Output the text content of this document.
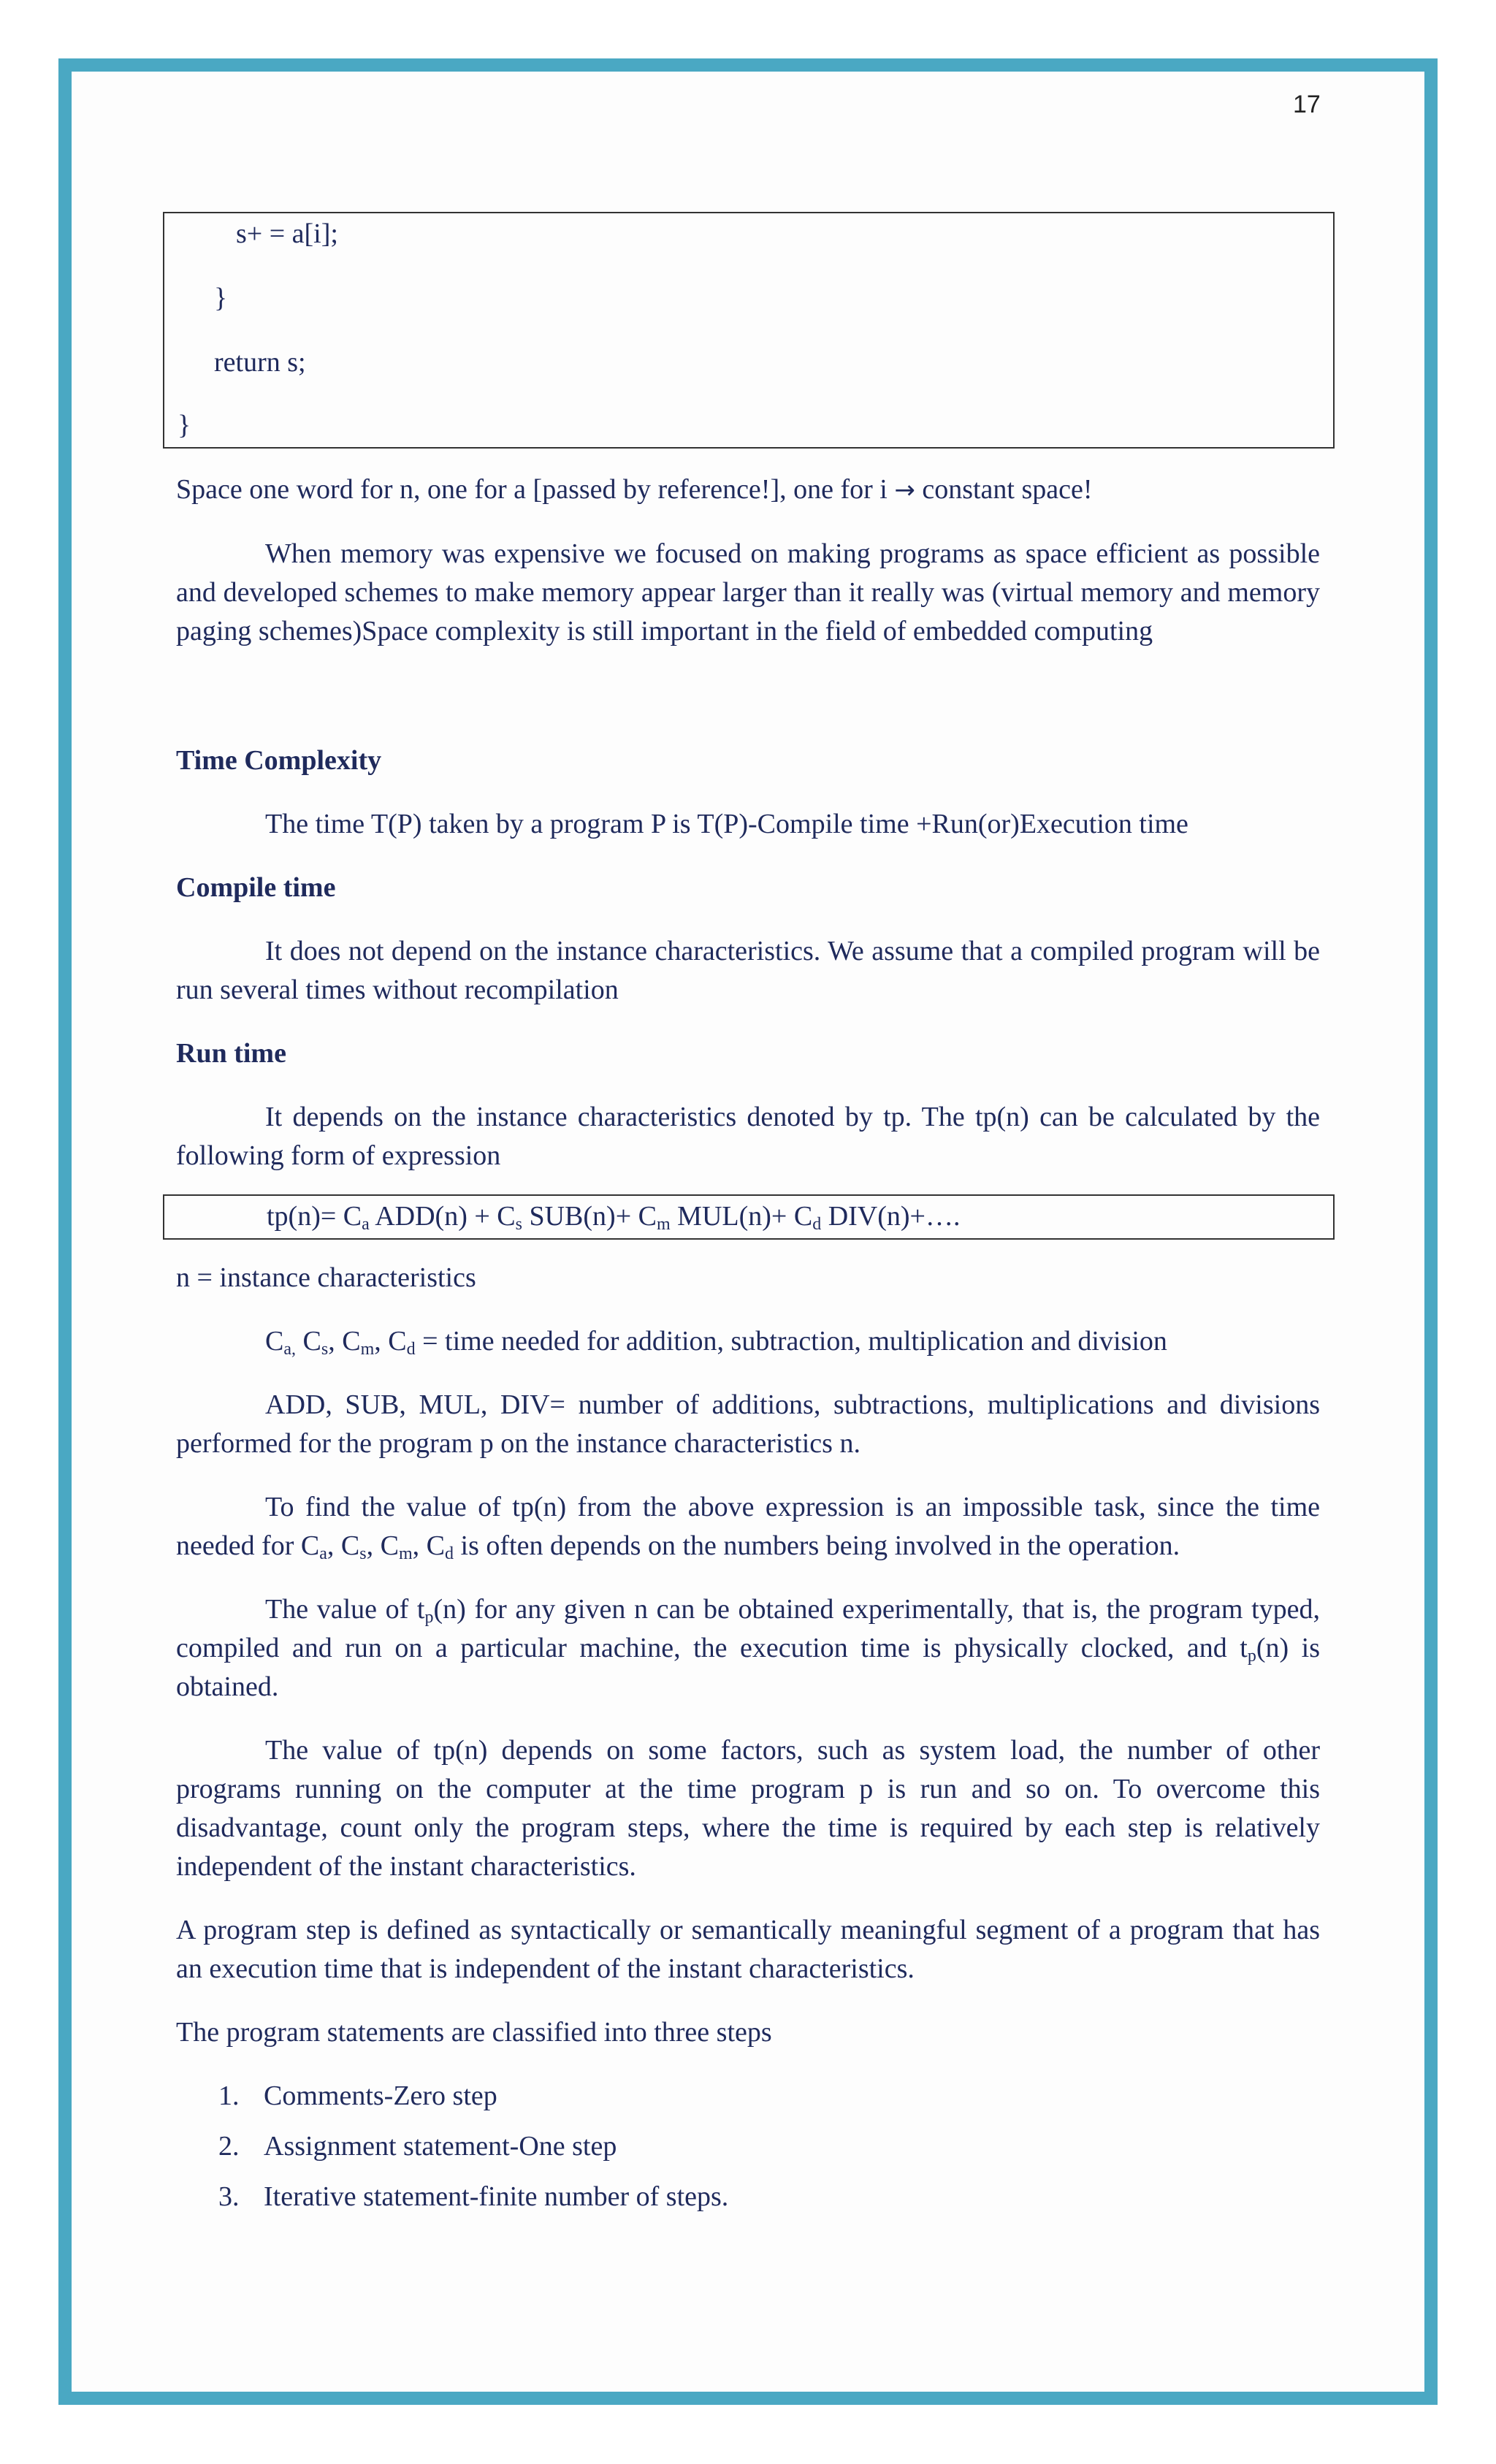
17
s+ = a[i];
}
return s;
}

Space one word for n, one for a [passed by reference!], one for i → constant space!

When memory was expensive we focused on making programs as space efficient as possible and developed schemes to make memory appear larger than it really was (virtual memory and memory paging schemes)Space complexity is still important in the field of embedded computing

Time Complexity

The time T(P) taken by a program P is T(P)-Compile time +Run(or)Execution time

Compile time

It does not depend on the instance characteristics. We assume that a compiled program will be run several times without recompilation

Run time

It depends on the instance characteristics denoted by tp. The tp(n) can be calculated by the following form of expression

$tp(n)= C_a$ $ADD(n) + C_s$ $SUB(n)+ C_m$ $MUL(n)+ C_d$ DIV(n)+….

n = instance characteristics

$C_{a,}$ $C_s$, $C_m$, $C_d$ = time needed for addition, subtraction, multiplication and division

ADD, SUB, MUL, DIV= number of additions, subtractions, multiplications and divisions performed for the program p on the instance characteristics n.

To find the value of tp(n) from the above expression is an impossible task, since the time needed for $C_a$, $C_s$, $C_m$, $C_d$ is often depends on the numbers being involved in the operation.

The value of $t_p(n)$ for any given n can be obtained experimentally, that is, the program typed, compiled and run on a particular machine, the execution time is physically clocked, and $t_p(n)$ is obtained.

The value of tp(n) depends on some factors, such as system load, the number of other programs running on the computer at the time program p is run and so on. To overcome this disadvantage, count only the program steps, where the time is required by each step is relatively independent of the instant characteristics.

A program step is defined as syntactically or semantically meaningful segment of a program that has an execution time that is independent of the instant characteristics.

The program statements are classified into three steps

1. Comments-Zero step
2. Assignment statement-One step
3. Iterative statement-finite number of steps.
